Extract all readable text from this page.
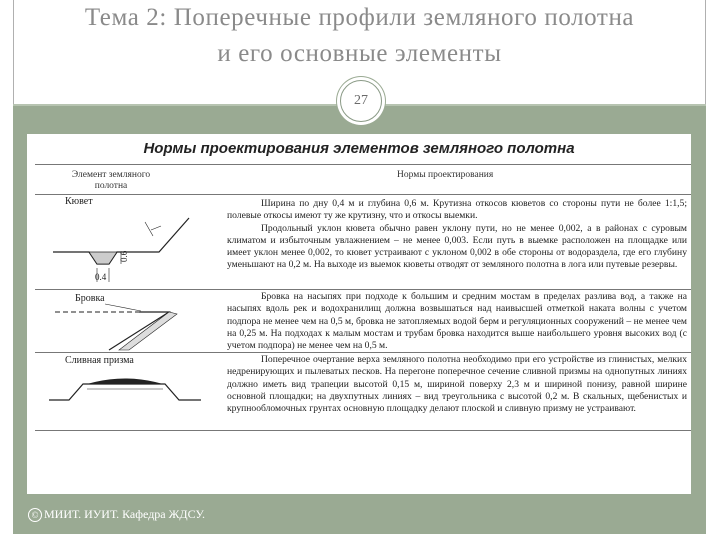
Тема 2: Поперечные профили земляного полотна
и его основные элементы
27
Нормы проектирования элементов земляного полотна
Элемент земляного полотна
Нормы проектирования
Кювет
0.4
0.6
Ширина по дну 0,4 м и глубина 0,6 м. Крутизна откосов кюветов со стороны пути не более 1:1,5; полевые откосы имеют ту же крутизну, что и откосы выемки.
Продольный уклон кювета обычно равен уклону пути, но не менее 0,002, а в районах с суровым климатом и избыточным увлажнением – не менее 0,003. Если путь в выемке расположен на площадке или имеет уклон менее 0,002, то кювет устраивают с уклоном 0,002 в обе стороны от водораздела, где его глубину уменьшают на 0,2 м. На выходе из выемок кюветы отводят от земляного полотна в лога или путевые резервы.
Бровка	Бровка на насыпях при подходе к большим и средним мостам в пределах разлива вод, а также на насыпях вдоль рек и водохранилищ должна возвышаться над наивысшей отметкой наката волны с учетом подпора не менее чем на 0,5 м, бровка не затопляемых водой берм и регуляционных сооружений – не менее чем на 0,25 м. На подходах к малым мостам и трубам бровка находится выше наибольшего уровня высоких вод (с учетом подпора) не менее чем на 0,5 м.
Сливная призма	Поперечное очертание верха земляного полотна необходимо при его устройстве из глинистых, мелких недренирующих и пылеватых песков. На перегоне поперечное сечение сливной призмы на однопутных линиях должно иметь вид трапеции высотой 0,15 м, шириной поверху 2,3 м и шириной понизу, равной ширине основной площадки; на двухпутных линиях – вид треугольника с высотой 0,2 м. В скальных, щебенистых и крупнообломочных грунтах основную площадку делают плоской и сливную призму не устраивают.
© МИИТ. ИУИТ. Кафедра ЖДСУ.
